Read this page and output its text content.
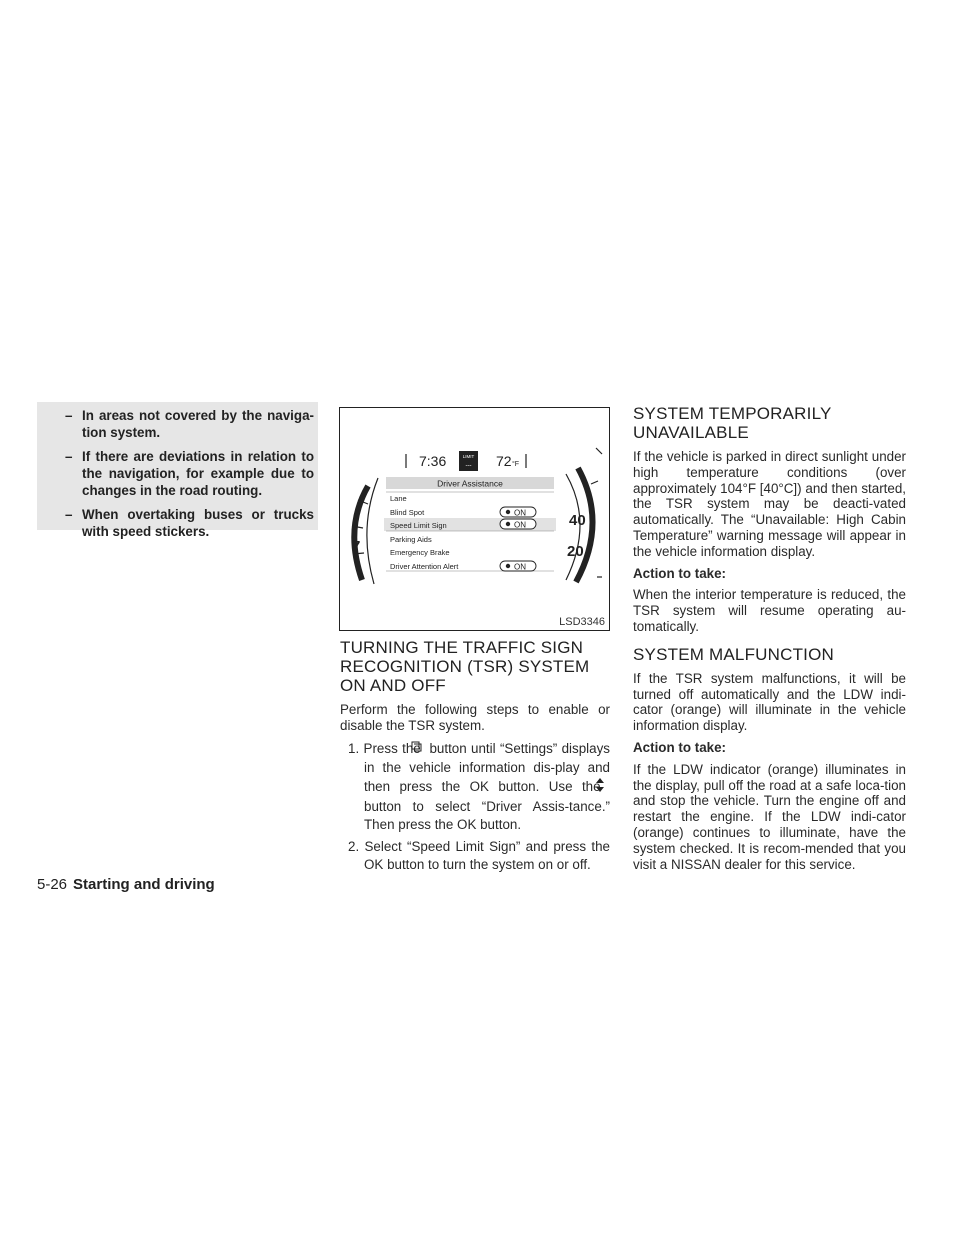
– In areas not covered by the naviga-tion system.
– If there are deviations in relation to the navigation, for example due to changes in the road routing.
– When overtaking buses or trucks with speed stickers.
7
40
20
7:36	LIMIT
--- 72 °F
Driver Assistance
Lane
Blind Spot
Speed Limit Sign
Parking Aids
Emergency Brake
Driver Attention Alert
ON
ON
ON
LSD3346
TURNING THE TRAFFIC SIGN RECOGNITION (TSR) SYSTEM ON AND OFF

Perform the following steps to enable or disable the TSR system.

1. Press the button until “Settings” displays in the vehicle information dis-play and then press the OK button. Use the  button to select “Driver Assis-tance.” Then press the OK button.
2. Select “Speed Limit Sign” and press the OK button to turn the system on or off.
SYSTEM TEMPORARILY UNAVAILABLE

If the vehicle is parked in direct sunlight under high temperature conditions (over approximately 104°F [40°C]) and then started, the TSR system may be deacti-vated automatically. The “Unavailable: High Cabin Temperature” warning message will appear in the vehicle information display.

Action to take:

When the interior temperature is reduced, the TSR system will resume operating au-tomatically.

SYSTEM MALFUNCTION

If the TSR system malfunctions, it will be turned off automatically and the LDW indi-cator (orange) will illuminate in the vehicle information display.

Action to take:

If the LDW indicator (orange) illuminates in the display, pull off the road at a safe loca-tion and stop the vehicle. Turn the engine off and restart the engine. If the LDW indi-cator (orange) continues to illuminate, have the system checked. It is recom-mended that you visit a NISSAN dealer for this service.

5-26 Starting and driving
